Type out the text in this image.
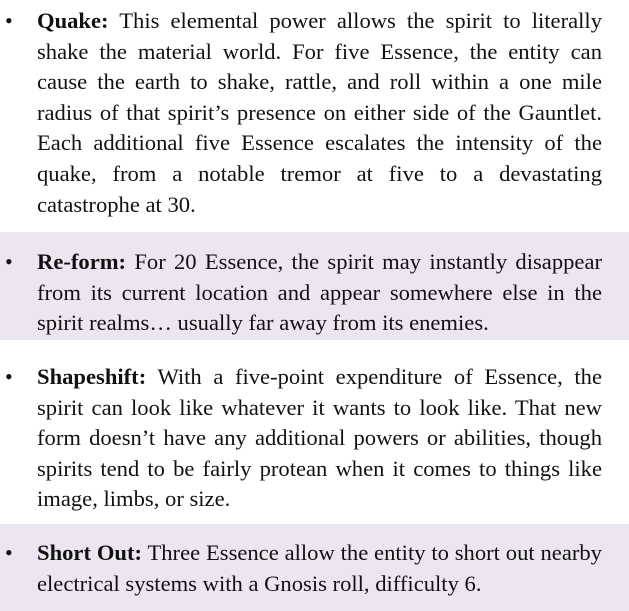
• Quake: This elemental power allows the spirit to literally shake the material world. For five Essence, the entity can cause the earth to shake, rattle, and roll within a one mile radius of that spirit’s presence on either side of the Gauntlet. Each additional five Essence escalates the intensity of the quake, from a notable tremor at five to a devastating catastrophe at 30.
• Re-form: For 20 Essence, the spirit may instantly disappear from its current location and appear somewhere else in the spirit realms… usually far away from its enemies.
• Shapeshift: With a five-point expenditure of Essence, the spirit can look like whatever it wants to look like. That new form doesn’t have any additional powers or abilities, though spirits tend to be fairly protean when it comes to things like image, limbs, or size.
• Short Out: Three Essence allow the entity to short out nearby electrical systems with a Gnosis roll, difficulty 6.
